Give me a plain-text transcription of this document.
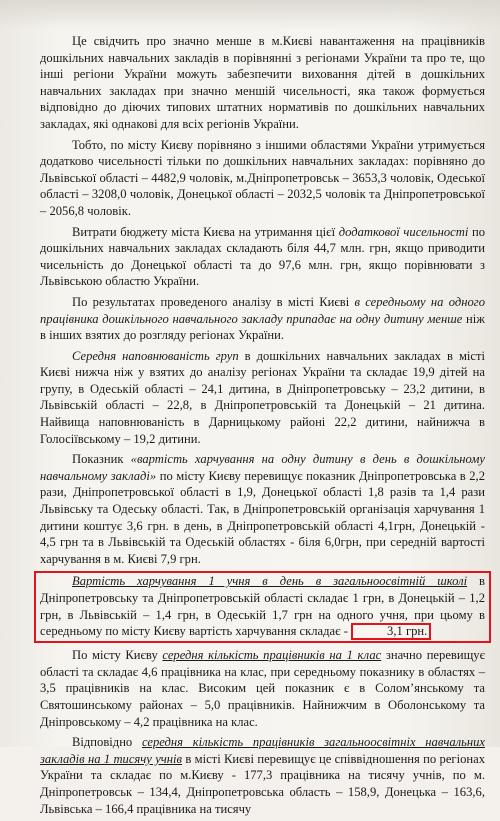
Це свідчить про значно менше в м.Києві навантаження на працівників дошкільних навчальних закладів в порівнянні з регіонами України та про те, що інші регіони України можуть забезпечити виховання дітей в дошкільних навчальних закладах при значно меншій чисельності, яка також формується відповідно до діючих типових штатних нормативів по дошкільних навчальних закладах, які однакові для всіх регіонів України.

Тобто, по місту Києву порівняно з іншими областями України утримується додатково чисельності тільки по дошкільних навчальних закладах: порівняно до Львівської області – 4482,9 чоловік, м.Дніпропетровськ – 3653,3 чоловік, Одеської області – 3208,0 чоловік, Донецької області – 2032,5 чоловік та Дніпропетровської – 2056,8 чоловік.

Витрати бюджету міста Києва на утримання цієї додаткової чисельності по дошкільних навчальних закладах складають біля 44,7 млн. грн, якщо приводити чисельність до Донецької області та до 97,6 млн. грн, якщо порівнювати з Львівською областю України.

По результатах проведеного аналізу в місті Києві в середньому на одного працівника дошкільного навчального закладу припадає на одну дитину менше ніж в інших взятих до розгляду регіонах України.

Середня наповнюваність груп в дошкільних навчальних закладах в місті Києві нижча ніж у взятих до аналізу регіонах України та складає 19,9 дітей на групу, в Одеській області – 24,1 дитина, в Дніпропетровську – 23,2 дитини, в Львівській області – 22,8, в Дніпропетровській та Донецькій – 21 дитина. Найвища наповнюваність в Дарницькому районі 22,2 дитини, найнижча в Голосіївському – 19,2 дитини.

Показник «вартість харчування на одну дитину в день в дошкільному навчальному закладі» по місту Києву перевищує показник Дніпропетровська в 2,2 рази, Дніпропетровської області в 1,9, Донецької області 1,8 разів та 1,4 рази Львівську та Одеську області. Так, в Дніпропетровській організація харчування 1 дитини коштує 3,6 грн. в день, в Дніпропетровській області 4,1грн, Донецькій - 4,5 грн та в Львівській та Одеській областях - біля 6,0грн, при середній вартості харчування в м. Києві 7,9 грн.

Вартість харчування 1 учня в день в загальноосвітній школі в Дніпропетровську та Дніпропетровській області складає 1 грн, в Донецькій – 1,2 грн, в Львівській – 1,4 грн, в Одеській 1,7 грн на одного учня, при цьому в середньому по місту Києву вартість харчування складає -	3,1 грн.

По місту Києву середня кількість працівників на 1 клас значно перевищує області та складає 4,6 працівника на клас, при середньому показнику в областях – 3,5 працівників на клас. Високим цей показник є в Солом’янському та Святошинському районах – 5,0 працівників. Найнижчим в Оболонському та Дніпровському – 4,2 працівника на клас.

Відповідно середня кількість працівників загальноосвітніх навчальних закладів на 1 тисячу учнів в місті Києві перевищує це співвідношення по регіонах України та складає по м.Києву - 177,3 працівника на тисячу учнів, по м. Дніпропетровськ – 134,4, Дніпропетровська область – 158,9, Донецька – 163,6, Львівська – 166,4 працівника на тисячу
